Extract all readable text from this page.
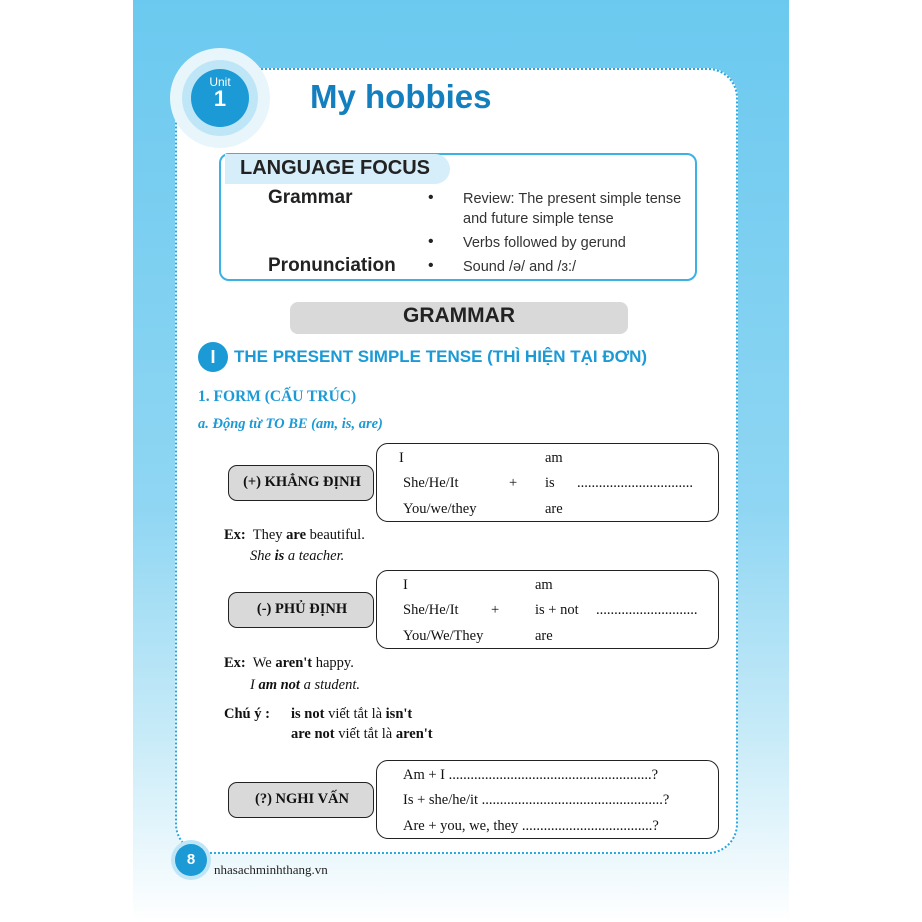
Unit
1	My hobbies
LANGUAGE FOCUS
Grammar	• Review: The present simple tense
and future simple tense
• Verbs followed by gerund
Pronunciation • Sound /ə/ and /ɜ:/
GRAMMAR
I	THE PRESENT SIMPLE TENSE (THÌ HIỆN TẠI ĐƠN)
1. FORM (CẤU TRÚC)
a. Động từ TO BE (am, is, are)
(+) KHẲNG ĐỊNH
I	am
She/He/It	+ is ................................
You/we/they	are
Ex: They are beautiful.
She is a teacher.
(-) PHỦ ĐỊNH
I	am
She/He/It + is + not ............................
You/We/They	are
Ex: We aren't happy.
I am not a student.
Chú ý : is not viết tắt là isn't
are not viết tắt là aren't
(?) NGHI VẤN
Am + I ........................................................?
Is + she/he/it ..................................................?
Are + you, we, they ....................................?
8
nhasachminhthang.vn
